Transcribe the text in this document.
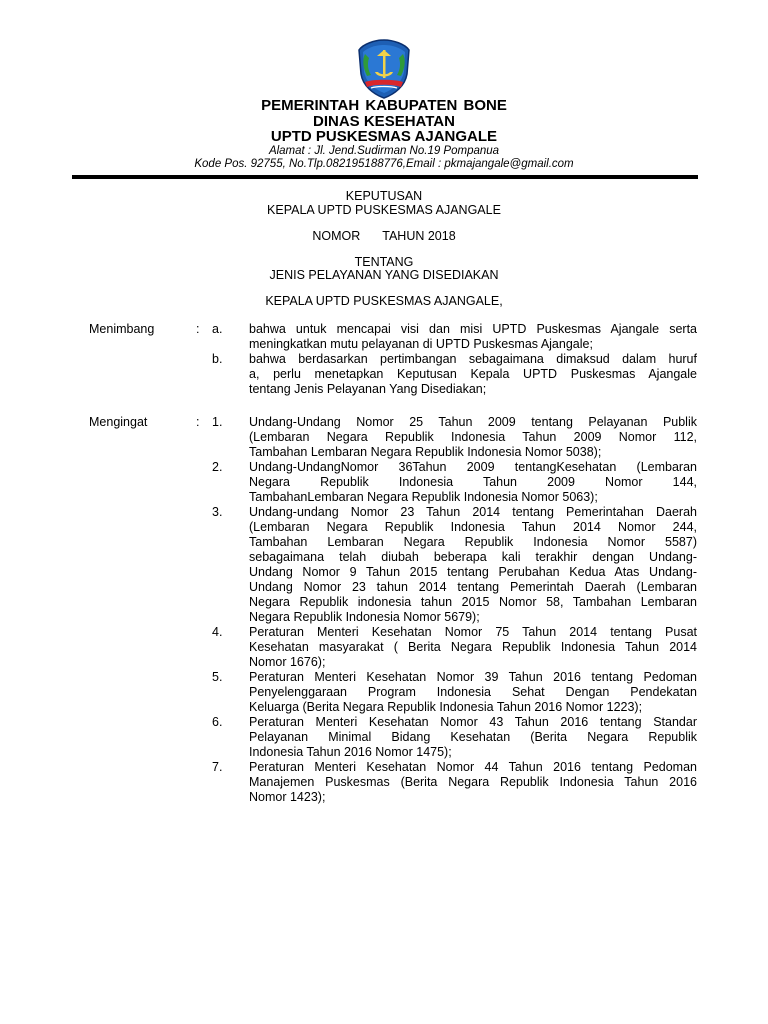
PEMERINTAH KABUPATEN BONE
DINAS KESEHATAN
UPTD PUSKESMAS AJANGALE
Alamat : Jl. Jend.Sudirman No.19 Pompanua
Kode Pos. 92755, No.Tlp.082195188776,Email : pkmajangale@gmail.com
KEPUTUSAN
KEPALA UPTD PUSKESMAS AJANGALE
NOMOR TAHUN 2018
TENTANG
JENIS PELAYANAN YANG DISEDIAKAN
KEPALA UPTD PUSKESMAS AJANGALE,
Menimbang	: a.	bahwa untuk mencapai visi dan misi UPTD Puskesmas Ajangale serta
meningkatkan mutu pelayanan di UPTD Puskesmas Ajangale;
b.	bahwa berdasarkan pertimbangan sebagaimana dimaksud dalam huruf
a, perlu menetapkan Keputusan Kepala UPTD Puskesmas Ajangale
tentang Jenis Pelayanan Yang Disediakan;
Mengingat	: 1.	Undang-Undang Nomor 25 Tahun 2009 tentang Pelayanan Publik
(Lembaran Negara Republik Indonesia Tahun 2009 Nomor 112,
Tambahan Lembaran Negara Republik Indonesia Nomor 5038);
2.	Undang-UndangNomor 36Tahun 2009 tentangKesehatan (Lembaran
Negara Republik Indonesia Tahun 2009 Nomor 144,
TambahanLembaran Negara Republik Indonesia Nomor 5063);
3.	Undang-undang Nomor 23 Tahun 2014 tentang Pemerintahan Daerah
(Lembaran Negara Republik Indonesia Tahun 2014 Nomor 244,
Tambahan Lembaran Negara Republik Indonesia Nomor 5587)
sebagaimana telah diubah beberapa kali terakhir dengan Undang-
Undang Nomor 9 Tahun 2015 tentang Perubahan Kedua Atas Undang-
Undang Nomor 23 tahun 2014 tentang Pemerintah Daerah (Lembaran
Negara Republik indonesia tahun 2015 Nomor 58, Tambahan Lembaran
Negara Republik Indonesia Nomor 5679);
4.	Peraturan Menteri Kesehatan Nomor 75 Tahun 2014 tentang Pusat
Kesehatan masyarakat ( Berita Negara Republik Indonesia Tahun 2014
Nomor 1676);
5.	Peraturan Menteri Kesehatan Nomor 39 Tahun 2016 tentang Pedoman
Penyelenggaraan Program Indonesia Sehat Dengan Pendekatan
Keluarga (Berita Negara Republik Indonesia Tahun 2016 Nomor 1223);
6.	Peraturan Menteri Kesehatan Nomor 43 Tahun 2016 tentang Standar
Pelayanan Minimal Bidang Kesehatan (Berita Negara Republik
Indonesia Tahun 2016 Nomor 1475);
7.	Peraturan Menteri Kesehatan Nomor 44 Tahun 2016 tentang Pedoman
Manajemen Puskesmas (Berita Negara Republik Indonesia Tahun 2016
Nomor 1423);
